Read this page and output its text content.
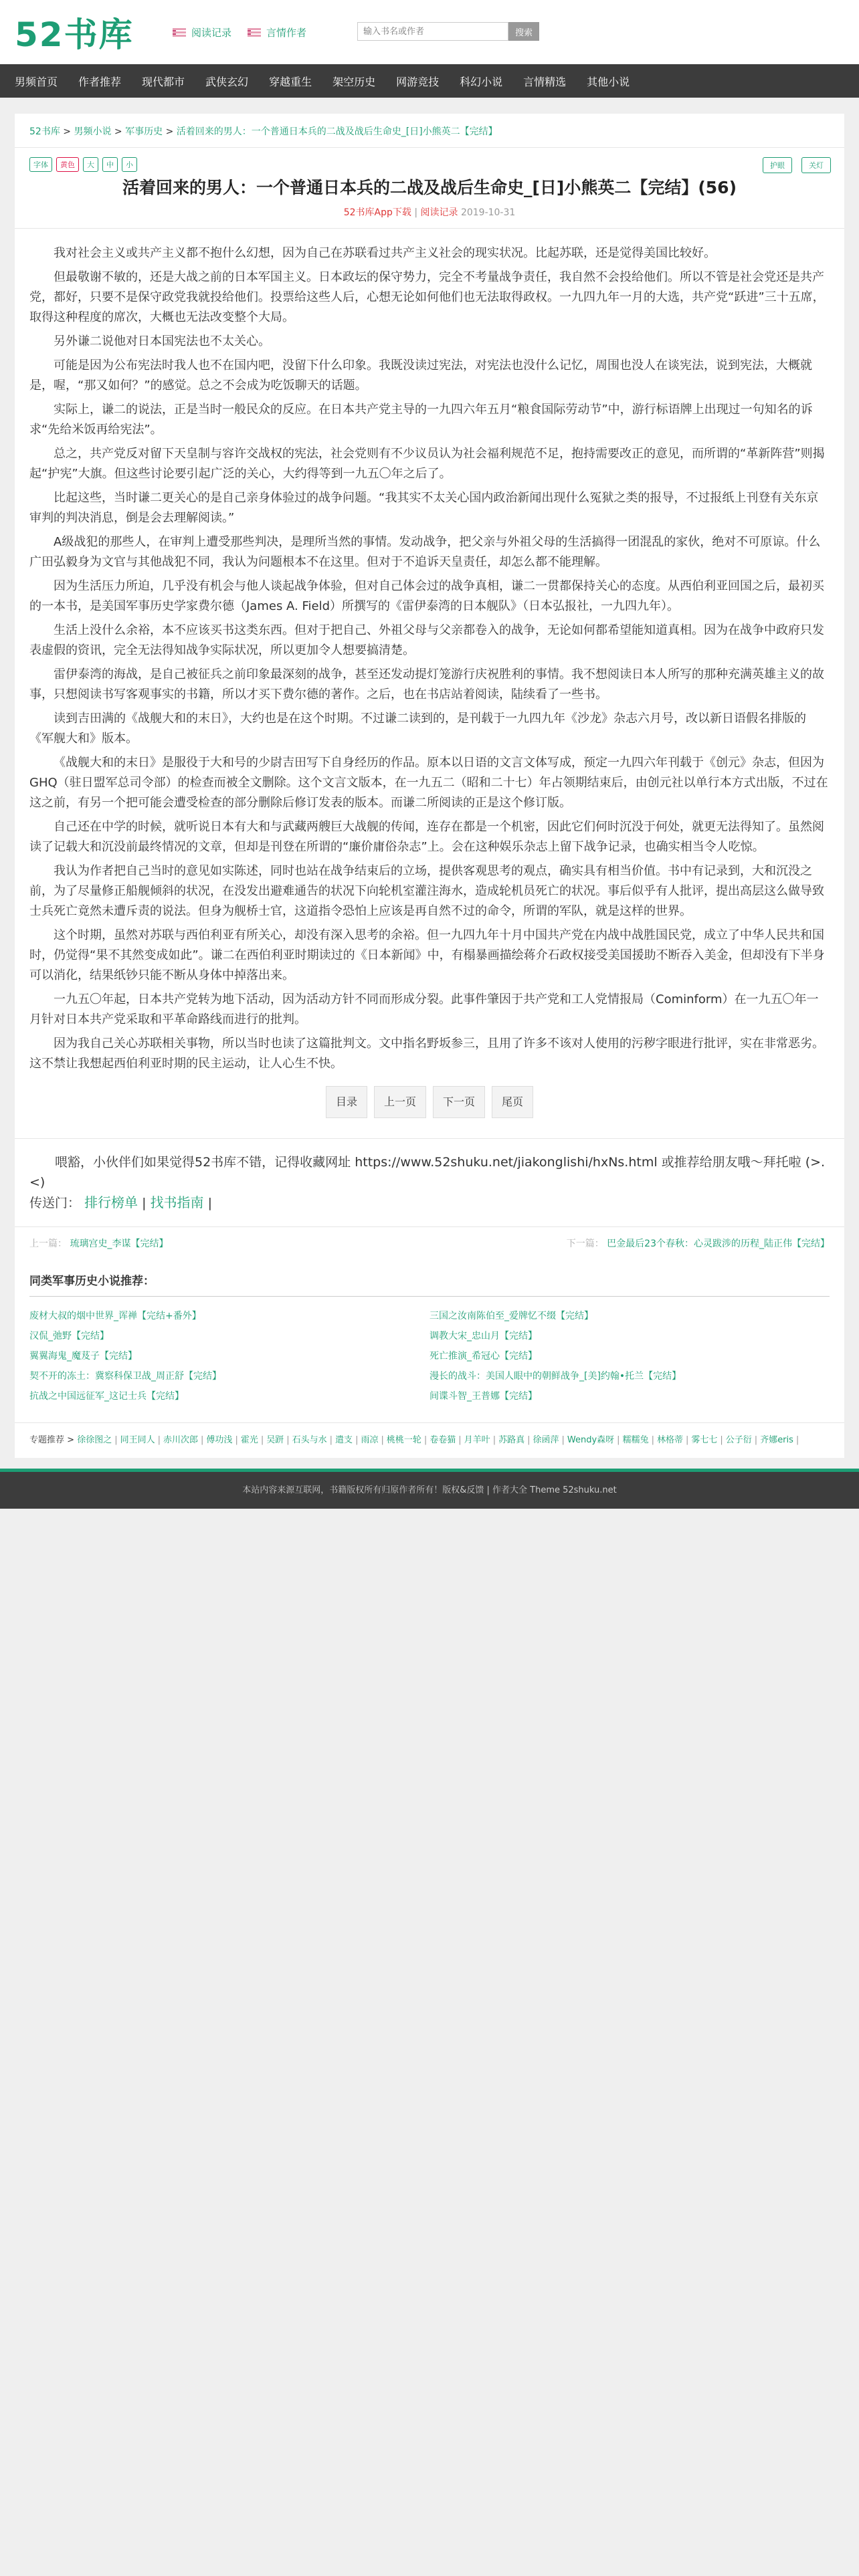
52书库	阅读记录	言情作者
输入书名或作者	搜索
男频首页 作者推荐 现代都市 武侠玄幻 穿越重生 架空历史 网游竞技 科幻小说 言情精选 其他小说
52书库 > 男频小说 > 军事历史 > 活着回来的男人：一个普通日本兵的二战及战后生命史_[日]小熊英二【完结】
字体	黄色	大	中	小	护眼	关灯
活着回来的男人：一个普通日本兵的二战及战后生命史_[日]小熊英二【完结】(56)
52书库App下载 | 阅读记录 2019-10-31

我对社会主义或共产主义都不抱什么幻想，因为自己在苏联看过共产主义社会的现实状况。比起苏联，还是觉得美国比较好。

但最敬谢不敏的，还是大战之前的日本军国主义。日本政坛的保守势力，完全不考量战争责任，我自然不会投给他们。所以不管是社会党还是共产党，都好，只要不是保守政党我就投给他们。投票给这些人后，心想无论如何他们也无法取得政权。一九四九年一月的大选，共产党“跃进”三十五席，取得这种程度的席次，大概也无法改变整个大局。

另外谦二说他对日本国宪法也不太关心。

可能是因为公布宪法时我人也不在国内吧，没留下什么印象。我既没读过宪法，对宪法也没什么记忆，周围也没人在谈宪法，说到宪法，大概就是，喔，“那又如何？”的感觉。总之不会成为吃饭聊天的话题。

实际上，谦二的说法，正是当时一般民众的反应。在日本共产党主导的一九四六年五月“粮食国际劳动节”中，游行标语牌上出现过一句知名的诉求“先给米饭再给宪法”。

总之，共产党反对留下天皇制与容许交战权的宪法，社会党则有不少议员认为社会福利规范不足，抱持需要改正的意见，而所谓的“革新阵营”则揭起“护宪”大旗。但这些讨论要引起广泛的关心，大约得等到一九五〇年之后了。

比起这些，当时谦二更关心的是自己亲身体验过的战争问题。“我其实不太关心国内政治新闻出现什么冤狱之类的报导，不过报纸上刊登有关东京审判的判决消息，倒是会去理解阅读。”

A级战犯的那些人，在审判上遭受那些判决，是理所当然的事情。发动战争，把父亲与外祖父母的生活搞得一团混乱的家伙，绝对不可原谅。什么广田弘毅身为文官与其他战犯不同，我认为问题根本不在这里。但对于不追诉天皇责任，却怎么都不能理解。

因为生活压力所迫，几乎没有机会与他人谈起战争体验，但对自己体会过的战争真相，谦二一贯都保持关心的态度。从西伯利亚回国之后，最初买的一本书，是美国军事历史学家费尔德（James A. Field）所撰写的《雷伊泰湾的日本舰队》（日本弘报社，一九四九年）。

生活上没什么余裕，本不应该买书这类东西。但对于把自己、外祖父母与父亲都卷入的战争，无论如何都希望能知道真相。因为在战争中政府只发表虚假的资讯，完全无法得知战争实际状况，所以更加令人想要搞清楚。

雷伊泰湾的海战，是自己被征兵之前印象最深刻的战争，甚至还发动提灯笼游行庆祝胜利的事情。我不想阅读日本人所写的那种充满英雄主义的故事，只想阅读书写客观事实的书籍，所以才买下费尔德的著作。之后，也在书店站着阅读，陆续看了一些书。

读到吉田满的《战舰大和的末日》，大约也是在这个时期。不过谦二读到的，是刊载于一九四九年《沙龙》杂志六月号，改以新日语假名排版的《军舰大和》版本。

《战舰大和的末日》是服役于大和号的少尉吉田写下自身经历的作品。原本以日语的文言文体写成，预定一九四六年刊载于《创元》杂志，但因为GHQ（驻日盟军总司令部）的检查而被全文删除。这个文言文版本，在一九五二（昭和二十七）年占领期结束后，由创元社以单行本方式出版，不过在这之前，有另一个把可能会遭受检查的部分删除后修订发表的版本。而谦二所阅读的正是这个修订版。

自己还在中学的时候，就听说日本有大和与武藏两艘巨大战舰的传闻，连存在都是一个机密，因此它们何时沉没于何处，就更无法得知了。虽然阅读了记载大和沉没前最终情况的文章，但却是刊登在所谓的“廉价庸俗杂志”上。会在这种娱乐杂志上留下战争记录，也确实相当令人吃惊。

我认为作者把自己当时的意见如实陈述，同时也站在战争结束后的立场，提供客观思考的观点，确实具有相当价值。书中有记录到，大和沉没之前，为了尽量修正船舰倾斜的状况，在没发出避难通告的状况下向轮机室灌注海水，造成轮机员死亡的状况。事后似乎有人批评，提出高层这么做导致士兵死亡竟然未遭斥责的说法。但身为舰桥士官，这道指令恐怕上应该是再自然不过的命令，所谓的军队，就是这样的世界。

这个时期，虽然对苏联与西伯利亚有所关心，却没有深入思考的余裕。但一九四九年十月中国共产党在内战中战胜国民党，成立了中华人民共和国时，仍觉得“果不其然变成如此”。谦二在西伯利亚时期读过的《日本新闻》中，有榻暴画描绘蒋介石政权接受美国援助不断吞入美金，但却没有下半身可以消化，结果纸钞只能不断从身体中掉落出来。

一九五〇年起，日本共产党转为地下活动，因为活动方针不同而形成分裂。此事件肇因于共产党和工人党情报局（Cominform）在一九五〇年一月针对日本共产党采取和平革命路线而进行的批判。

因为我自己关心苏联相关事物，所以当时也读了这篇批判文。文中指名野坂参三，且用了许多不该对人使用的污秽字眼进行批评，实在非常恶劣。这不禁让我想起西伯利亚时期的民主运动，让人心生不快。

目录	上一页	下一页	尾页

喂豁，小伙伴们如果觉得52书库不错，记得收藏网址 https://www.52shuku.net/jiakonglishi/hxNs.html 或推荐给朋友哦～拜托啦 (>.<)

传送门： 排行榜单 | 找书指南 |
上一篇： 琉璃宫史_李谋【完结】	下一篇： 巴金最后23个春秋：心灵跋涉的历程_陆正伟【完结】
同类军事历史小说推荐：
废材大叔的烟中世界_诨禅【完结+番外】	三国之汝南陈伯至_爱牌忆不缀【完结】
汉侃_弛野【完结】	调教大宋_忠山月【完结】
翼翼海鬼_魔芨子【完结】	死亡推演_希冠心【完结】
契不开的冻土：冀察科保卫战_周正舒【完结】	漫长的战斗：美国人眼中的朝鲜战争_[美]约翰•托兰【完结】
抗战之中国远征军_这记士兵【完结】	间谍斗智_王普娜【完结】
专题推荐 > 徐徐图之 | 同王同人 | 赤川次郎 | 傅功浅 | 霍光 | 吴趼 | 石头与水 | 遣支 | 雨凉 | 桃桃一轮 | 卷卷猫 | 月羊叶 | 苏路真 | 徐函萍 | Wendy森呀 | 糯糯兔 | 林格蒂 | 雾七七 | 公子衍 | 齐娜eris |
本站内容来源互联网，书籍版权所有归原作者所有！版权&反馈 | 作者大全 Theme 52shuku.net
